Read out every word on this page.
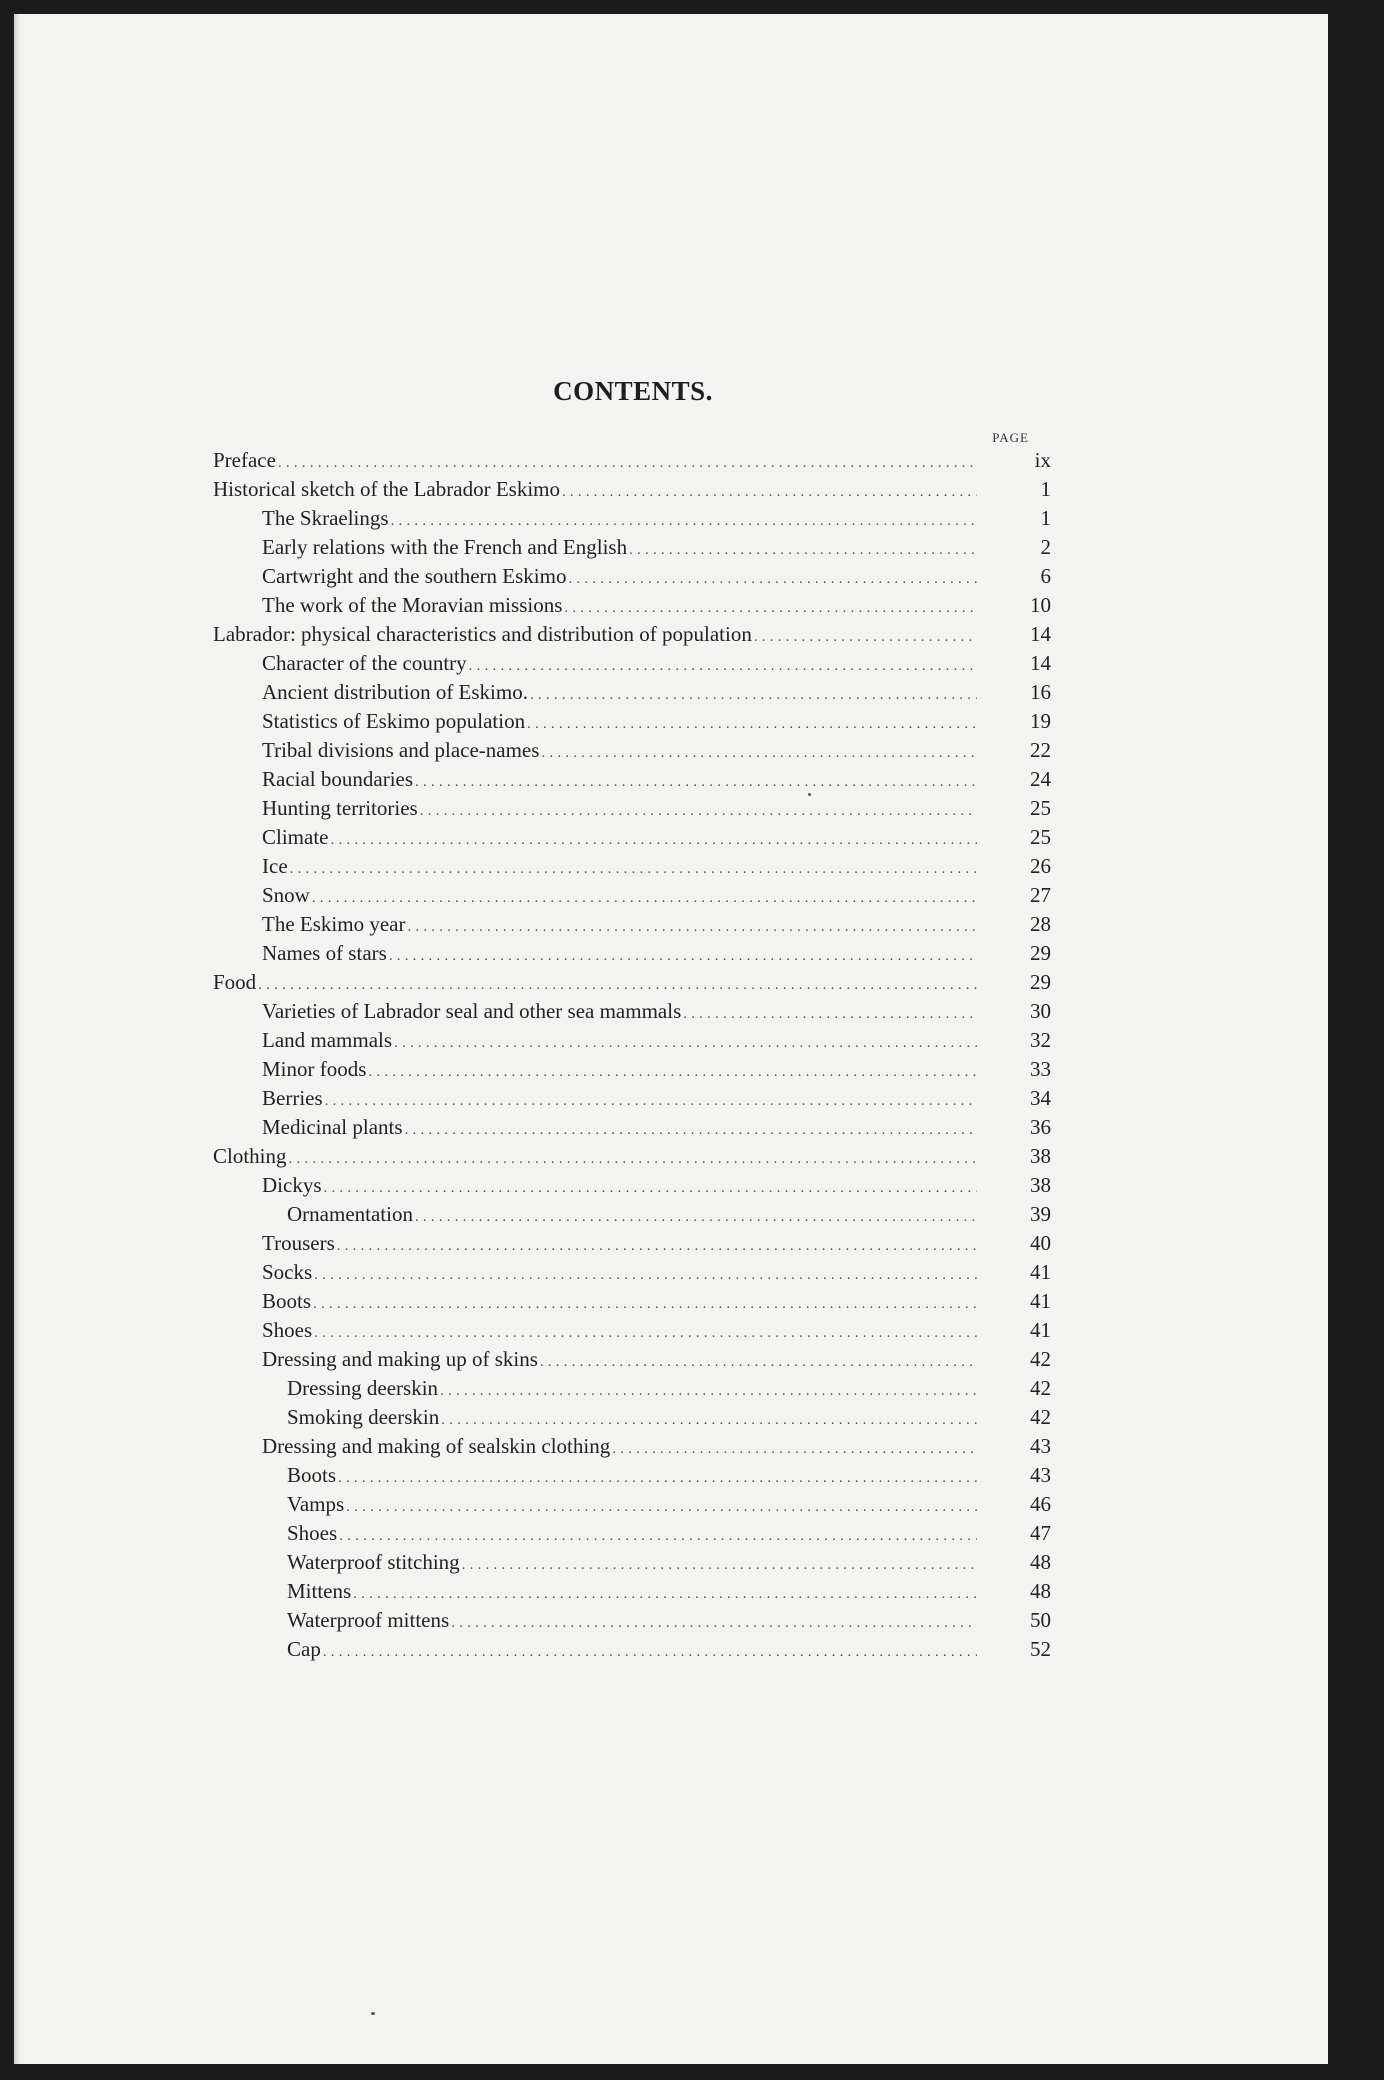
CONTENTS.
PAGE
Preface .....	ix
Historical sketch of the Labrador Eskimo .....	1
The Skraelings .....	1
Early relations with the French and English .....	2
Cartwright and the southern Eskimo .....	6
The work of the Moravian missions .....	10
Labrador: physical characteristics and distribution of population .....	14
Character of the country .....	14
Ancient distribution of Eskimo. .....	16
Statistics of Eskimo population .....	19
Tribal divisions and place-names .....	22
Racial boundaries .....	24
Hunting territories .....	25
Climate .....	25
Ice .....	26
Snow .....	27
The Eskimo year .....	28
Names of stars .....	29
Food .....	29
Varieties of Labrador seal and other sea mammals .....	30
Land mammals .....	32
Minor foods .....	33
Berries .....	34
Medicinal plants .....	36
Clothing .....	38
Dickys .....	38
Ornamentation .....	39
Trousers .....	40
Socks .....	41
Boots .....	41
Shoes .....	41
Dressing and making up of skins .....	42
Dressing deerskin .....	42
Smoking deerskin .....	42
Dressing and making of sealskin clothing .....	43
Boots .....	43
Vamps .....	46
Shoes .....	47
Waterproof stitching .....	48
Mittens .....	48
Waterproof mittens .....	50
Cap .....	52
